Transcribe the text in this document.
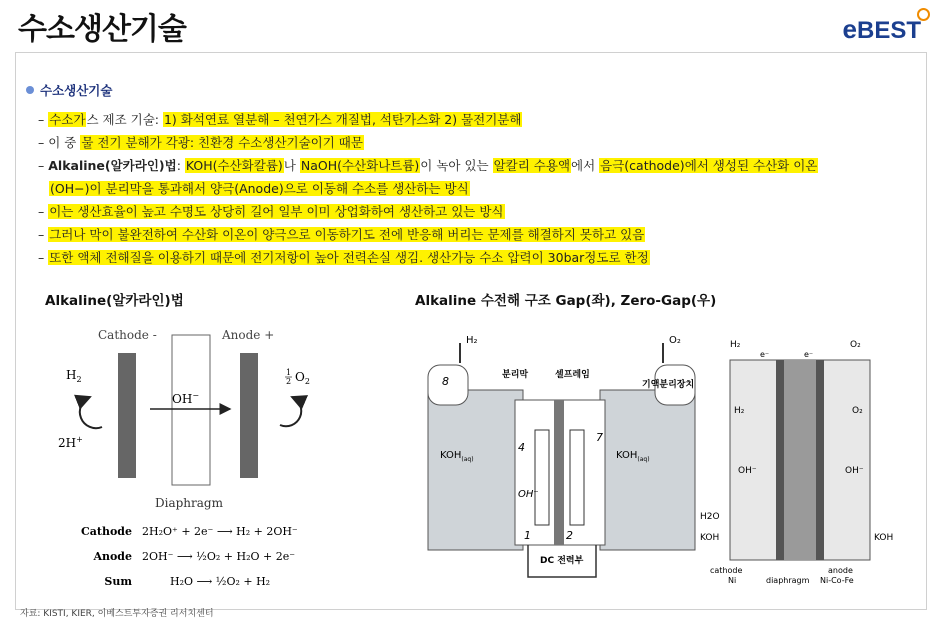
수소생산기술	eBEST
수소생산기술
– 수소가스 제조 기술: 1) 화석연료 열분해 – 천연가스 개질법, 석탄가스화 2) 물전기분해
– 이 중 물 전기 분해가 각광: 친환경 수소생산기술이기 때문
– Alkaline(알카라인)법: KOH(수산화칼륨)나 NaOH(수산화나트륨)이 녹아 있는 알칼리 수용액에서 음극(cathode)에서 생성된 수산화 이온
(OH−)이 분리막을 통과해서 양극(Anode)으로 이동해 수소를 생산하는 방식
– 이는 생산효율이 높고 수명도 상당히 길어 일부 이미 상업화하여 생산하고 있는 방식
– 그러나 막이 불완전하여 수산화 이온이 양극으로 이동하기도 전에 반응해 버리는 문제를 해결하지 못하고 있음
– 또한 액체 전해질을 이용하기 때문에 전기저항이 높아 전력손실 생김. 생산가능 수소 압력이 30bar정도로 한정
Alkaline(알카라인)법	Alkaline 수전해 구조 Gap(좌), Zero-Gap(우)
Cathode -	Anode +
$H_2$
2H+
OH−
1 2 $O_2$
Diaphragm
Cathode 2H₂O⁺ + 2e⁻ ⟶ H₂ + 2OH⁻
Anode 2OH⁻ ⟶ ½O₂ + H₂O + 2e⁻
Sum	H₂O ⟶ ½O₂ + H₂
H₂	O₂
8	분리막	셀프레임
기액분리장치
4
7
$KOH_{(aq)}$	$KOH_{(aq)}$
OH⁻
1	2
DC 전력부
H₂	O₂
e⁻	e⁻
H₂	O₂
OH⁻	OH⁻
H2O
KOH	KOH
cathode
Ni	diaphragm
anode
Ni-Co-Fe
자료: KISTI, KIER, 이베스트투자증권 리서치센터
